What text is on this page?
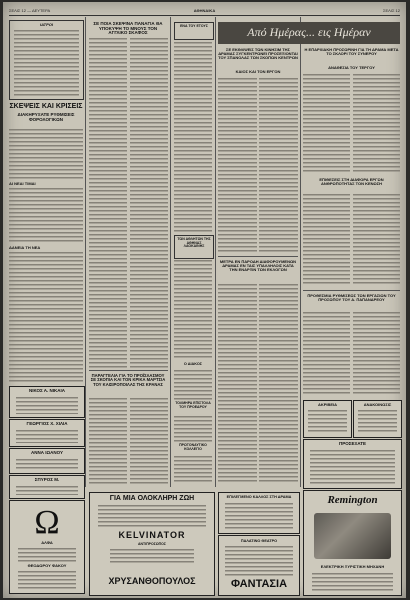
ΣΕΛΙΣ 12 — ΔΕΥΤΕΡΑ	ΑΘΗΝΑΙΚΑ	ΣΕΛΙΣ 12
ΙΑΤΡΟΙ
ΣΚΕΨΕΙΣ ΚΑΙ ΚΡΙΣΕΙΣ
ΔΙΑΚΗΡΥΞΑΤΕ ΡΥΘΜΙΣΕΙΣ ΦΟΡΟΛΟΓΙΚΩΝ
ΑΙ ΝΕΑΙ ΤΙΜΑΙ
ΔΑΝΕΙΑ ΤΗ ΝΕΑ
ΝΙΚΟΣ Α. ΝΙΚΑΙΑ
ΓΕΩΡΓΙΟΣ Χ. ΧΙΛΙΑ
ΑΝΝΑ ΙΩΑΝΟΥ
ΣΠΥΡΟΣ Μ.
Ω
ΑΛΦΑ
ΘΕΟΔΩΡΟΥ ΦΑΚΟΥ
ΣΕ ΠΟΙΑ ΣΚΕΨΙΝΑ ΠΑΝΑΓΙΑ ΘΑ ΥΠΟΚΥΨΗ ΤΟ ΜΝΟΥΣ ΤΟΝ ΑΓΓΛΙΚΟ ΣΚΑΦΟΣ
ΠΑΡΑΓΓΕΛΙΑ ΓΙΑ ΤΟ ΠΡΟΪΣΛΑΣΜΟΥ ΣΕ ΣΚΟΠΙΑ ΚΑΙ ΤΟΝ ΚΡΙΚΑ ΜΑΡΤΣΙΑ ΤΟΥ ΚΑΙΣΙΡΟΠΟΙΛΑΣ ΤΗΣ ΚΡΑΝΑΣ
ΕΝΑ ΤΟΥ ΕΤΟΥΣ
ΤΩΝ ΑΘΛΗΤΩΝ ΤΗΣ ΑΘΗΝΑΣ ΛΑΟΚΑΙΝΗΣ
Ο ΔΙΑΚΟΣ
ΤΟΛΜΗΡΑ ΕΠΙΣΤΟΛΑ ΤΟΥ ΠΡΟΕΔΡΟΥ
ΠΡΩΤΟΝΑΥΤΙΚΟ ΚΟΛΛΕΓΙΟ
Από Ημέρας... εις Ημέραν
ΣΕ ΕΚΘΛΙΨΕΙΣ ΤΩΝ ΚΙΝΗΣΙΜ ΤΗΣ ΔΡΑΜΑΣ ΣΥΓΚΕΝΤΡΩΝΕΙ ΠΡΟΣΕΞΙΟΝΤΑΙ ΤΟΥ ΣΠΑΝΟΛΑΣ ΤΩΝ ΣΚΟΠΩΝ ΚΕΝΤΡΩΝ
ΚΑΙΟΣ ΚΑΙ ΤΟΝ ΕΡΓΟΝ
ΜΕΤΡΑ ΕΝ ΠΑΡΟΔΗ ΔΙΑΦΟΡΟΥΜΕΝΩΝ ΔΡΑΜΑΣ ΕΝ ΤΑΙΣ ΥΠΑΛΛΗΛΟΙΣ ΚΑΤΑ ΤΗΝ ΕΝΑΡΞΙΝ ΤΩΝ ΕΚΛΟΓΩΝ
Η ΕΠΑΡΧΙΑΚΗ ΠΡΟΣΩΡΙΝΗ ΓΙΑ ΤΗ ΔΡΑΜΑ ΜΕΤΑ ΤΟ ΣΚΛΟΡΙ ΤΟΥ ΣΥΝΕΡΟΥ
ΑΝΑΘΕΣΙΑ ΤΟΥ ΤΕΡΓΟΥ
ΕΠΙΘΕΣΕΙΣ ΣΤΗ ΔΙΑΦΟΡΑ ΕΡΓΩΝ ΑΝΘΡΩΠΟΤΗΤΑΣ ΤΟΝ ΚΕΝΩΣΗ
ΠΡΟΘΕΣΜΙΑ ΡΥΘΜΙΣΕΩΣ ΤΩΝ ΕΡΓΑΣΙΩΝ ΤΟΥ ΠΡΟΣΩΠΟΥ ΤΟΥ Α. ΠΑΠΑΝΔΡΕΟΥ
ΑΚΡΙΒΕΙΑ	ΑΝΑΚΟΙΝΩΣΙΣ
ΠΡΟΣΕΞΑΤΕ
ΓΙΑ ΜΙΑ ΟΛΟΚΛΗΡΗ ΖΩΗ
KELVINATOR
ΑΝΤΙΠΡΟΣΩΠΟΣ
ΧΡΥΣΑΝΘΟΠΟΥΛΟΣ
ΕΠΙΛΕΓΜΕΝΟ ΚΑΛΛΟΣ ΣΤΗ ΔΡΑΜΑ
ΠΑΛΑΤΙΝΟ ΘΕΑΤΡΟ
ΦΑΝΤΑΣΙΑ
Remington
ΕΛΕΚΤΡΙΚΗ ΞΥΡΙΣΤΙΚΗ ΜΗΧΑΝΗ
